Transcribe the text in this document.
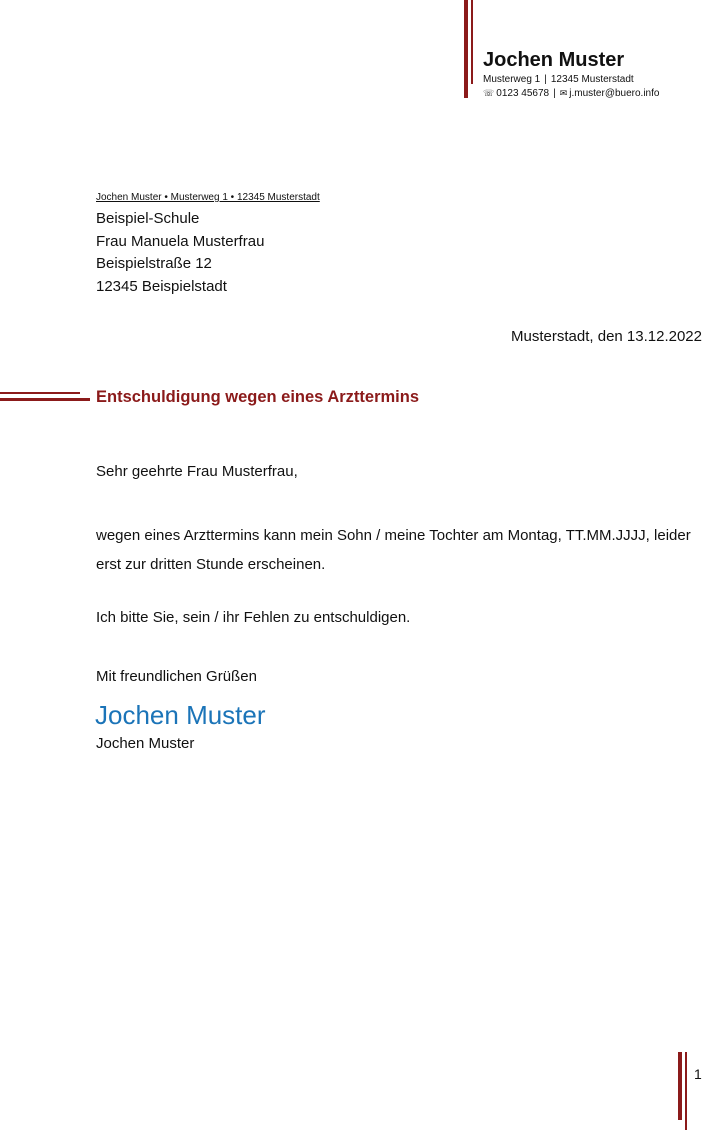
Jochen Muster
Musterweg 1 | 12345 Musterstadt
☏ 0123 45678 | ✉ j.muster@buero.info
Jochen Muster • Musterweg 1 • 12345 Musterstadt
Beispiel-Schule
Frau Manuela Musterfrau
Beispielstraße 12
12345 Beispielstadt
Musterstadt, den 13.12.2022
Entschuldigung wegen eines Arzttermins
Sehr geehrte Frau Musterfrau,
wegen eines Arzttermins kann mein Sohn / meine Tochter am Montag, TT.MM.JJJJ, leider
erst zur dritten Stunde erscheinen.
Ich bitte Sie, sein / ihr Fehlen zu entschuldigen.
Mit freundlichen Grüßen
Jochen Muster
Jochen Muster
1
